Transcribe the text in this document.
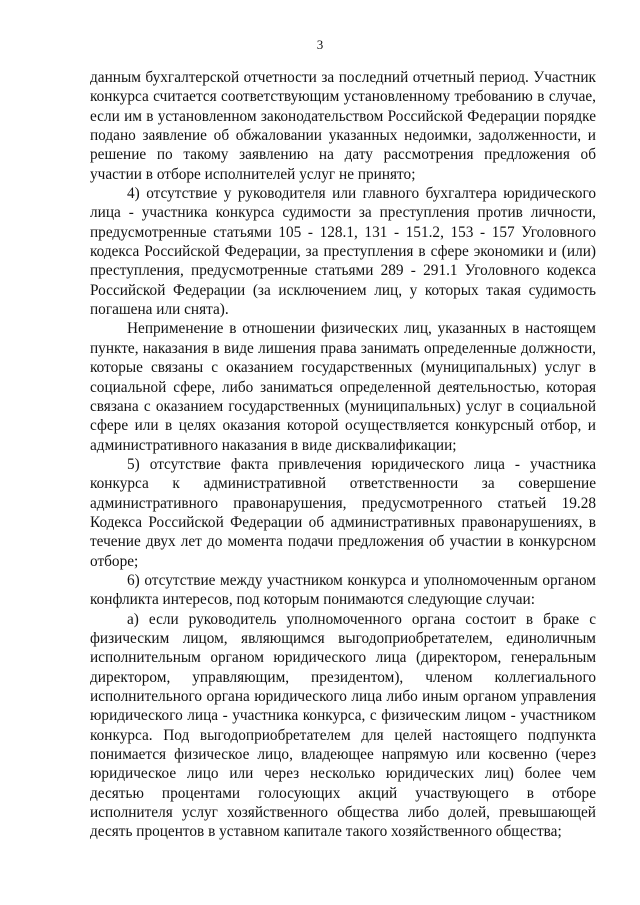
3

данным бухгалтерской отчетности за последний отчетный период. Участник конкурса считается соответствующим установленному требованию в случае, если им в установленном законодательством Российской Федерации порядке подано заявление об обжаловании указанных недоимки, задолженности, и решение по такому заявлению на дату рассмотрения предложения об участии в отборе исполнителей услуг не принято;

4) отсутствие у руководителя или главного бухгалтера юридического лица - участника конкурса судимости за преступления против личности, предусмотренные статьями 105 - 128.1, 131 - 151.2, 153 - 157 Уголовного кодекса Российской Федерации, за преступления в сфере экономики и (или) преступления, предусмотренные статьями 289 - 291.1 Уголовного кодекса Российской Федерации (за исключением лиц, у которых такая судимость погашена или снята).

Неприменение в отношении физических лиц, указанных в настоящем пункте, наказания в виде лишения права занимать определенные должности, которые связаны с оказанием государственных (муниципальных) услуг в социальной сфере, либо заниматься определенной деятельностью, которая связана с оказанием государственных (муниципальных) услуг в социальной сфере или в целях оказания которой осуществляется конкурсный отбор, и административного наказания в виде дисквалификации;

5) отсутствие факта привлечения юридического лица - участника конкурса к административной ответственности за совершение административного правонарушения, предусмотренного статьей 19.28 Кодекса Российской Федерации об административных правонарушениях, в течение двух лет до момента подачи предложения об участии в конкурсном отборе;

6) отсутствие между участником конкурса и уполномоченным органом конфликта интересов, под которым понимаются следующие случаи:

а) если руководитель уполномоченного органа состоит в браке с физическим лицом, являющимся выгодоприобретателем, единоличным исполнительным органом юридического лица (директором, генеральным директором, управляющим, президентом), членом коллегиального исполнительного органа юридического лица либо иным органом управления юридического лица - участника конкурса, с физическим лицом - участником конкурса. Под выгодоприобретателем для целей настоящего подпункта понимается физическое лицо, владеющее напрямую или косвенно (через юридическое лицо или через несколько юридических лиц) более чем десятью процентами голосующих акций участвующего в отборе исполнителя услуг хозяйственного общества либо долей, превышающей десять процентов в уставном капитале такого хозяйственного общества;
